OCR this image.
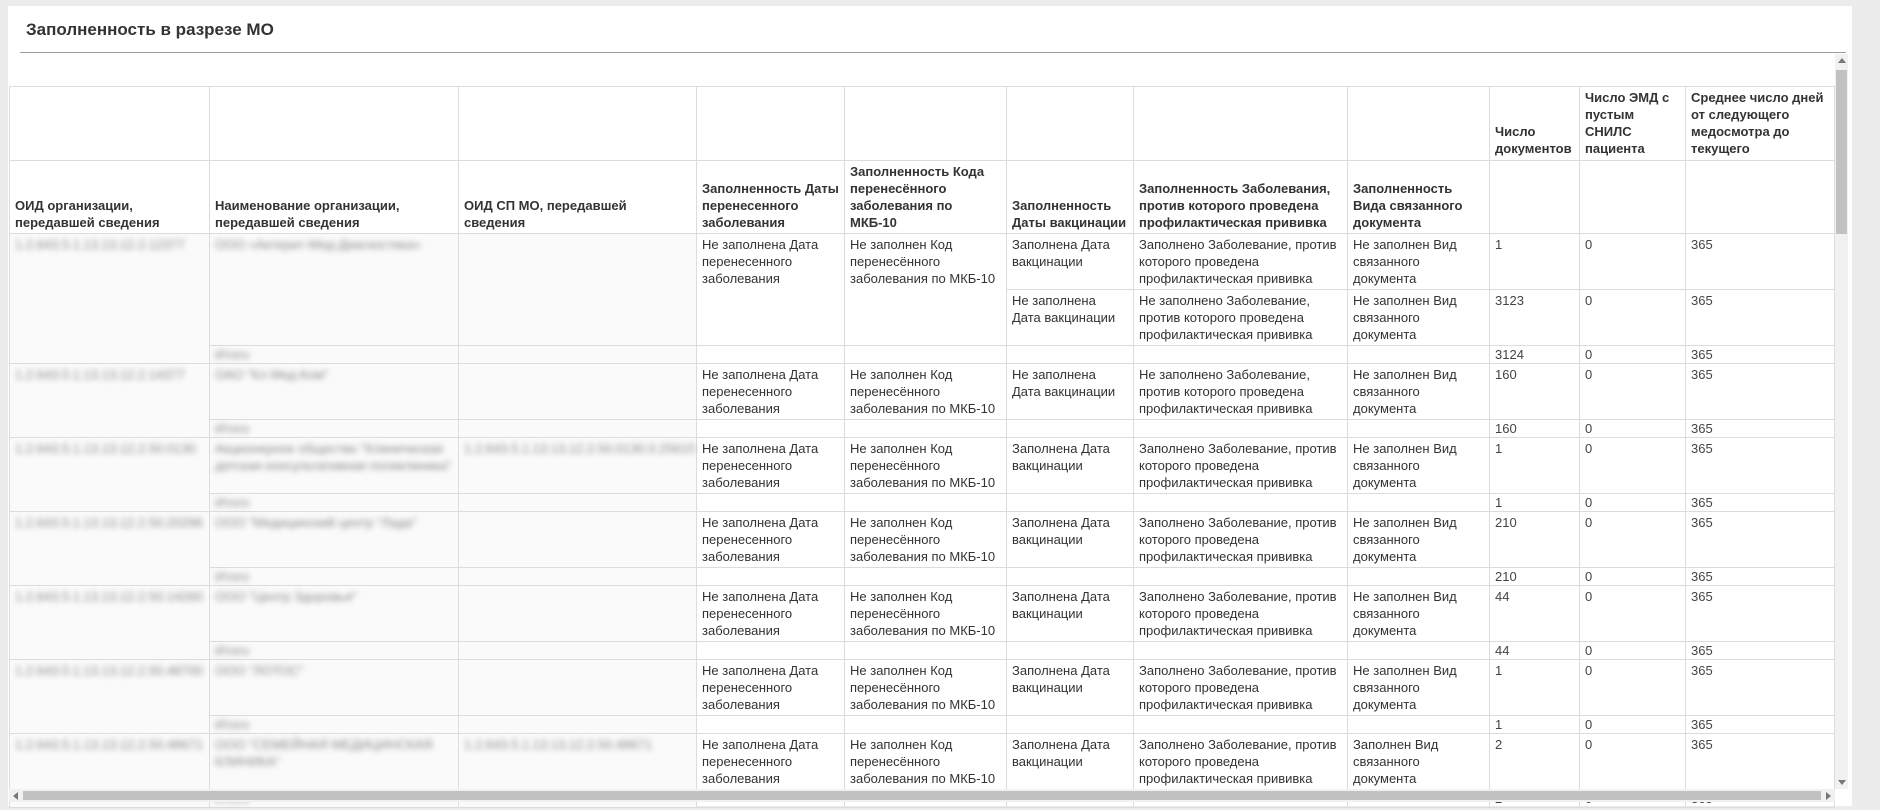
Заполненность в разрезе МО
								Число документов	Число ЭМД с пустым СНИЛС пациента	Среднее число дней от следующего медосмотра до текущего
ОИД организации, передавшей сведения	Наименование организации, передавшей сведения	ОИД СП МО, передавшей сведения	Заполненность Даты перенесенного заболевания	Заполненность Кода перенесённого заболевания по МКБ-10	Заполненность Даты вакцинации	Заполненность Заболевания, против которого проведена профилактическая прививка	Заполненность Вида связанного документа			

1.2.643.5.1.13.13.12.2.12377	ООО «Актерит-Мед-Диагностика»		Не заполнена Дата перенесенного заболевания	Не заполнен Код перенесённого заболевания по МКБ-10	Заполнена Дата вакцинации	Заполнено Заболевание, против которого проведена профилактическая прививка	Не заполнен Вид связанного документа	1	0	365
					Не заполнена Дата вакцинации	Не заполнено Заболевание, против которого проведена профилактическая прививка	Не заполнен Вид связанного документа	3123	0	365

	Итого							3124	0	365

1.2.643.5.1.13.13.12.2.14377	ОАО "Кл Мед-Ком"		Не заполнена Дата перенесенного заболевания	Не заполнен Код перенесённого заболевания по МКБ-10	Не заполнена Дата вакцинации	Не заполнено Заболевание, против которого проведена профилактическая прививка	Не заполнен Вид связанного документа	160	0	365

	Итого							160	0	365

1.2.643.5.1.13.13.12.2.50.0130	Акционерное общество "Клиническая детская консультативная поликлиника"	1.2.643.5.1.13.13.12.2.50.0130.0.25615	Не заполнена Дата перенесенного заболевания	Не заполнен Код перенесённого заболевания по МКБ-10	Заполнена Дата вакцинации	Заполнено Заболевание, против которого проведена профилактическая прививка	Не заполнен Вид связанного документа	1	0	365

	Итого							1	0	365

1.2.643.5.1.13.13.12.2.50.20296	ООО "Медицинский центр "Лада"		Не заполнена Дата перенесенного заболевания	Не заполнен Код перенесённого заболевания по МКБ-10	Заполнена Дата вакцинации	Заполнено Заболевание, против которого проведена профилактическая прививка	Не заполнен Вид связанного документа	210	0	365

	Итого							210	0	365

1.2.643.5.1.13.13.12.2.50.14260	ООО "Центр Здоровья"		Не заполнена Дата перенесенного заболевания	Не заполнен Код перенесённого заболевания по МКБ-10	Заполнена Дата вакцинации	Заполнено Заболевание, против которого проведена профилактическая прививка	Не заполнен Вид связанного документа	44	0	365

	Итого							44	0	365

1.2.643.5.1.13.13.12.2.50.48700	ООО "ЛОТОС"		Не заполнена Дата перенесенного заболевания	Не заполнен Код перенесённого заболевания по МКБ-10	Заполнена Дата вакцинации	Заполнено Заболевание, против которого проведена профилактическая прививка	Не заполнен Вид связанного документа	1	0	365

	Итого							1	0	365

1.2.643.5.1.13.13.12.2.50.48671	ООО "СЕМЕЙНАЯ МЕДИЦИНСКАЯ КЛИНИКА"	1.2.643.5.1.13.13.12.2.50.48671	Не заполнена Дата перенесенного заболевания	Не заполнен Код перенесённого заболевания по МКБ-10	Заполнена Дата вакцинации	Заполнено Заболевание, против которого проведена профилактическая прививка	Заполнен Вид связанного документа	2	0	365
